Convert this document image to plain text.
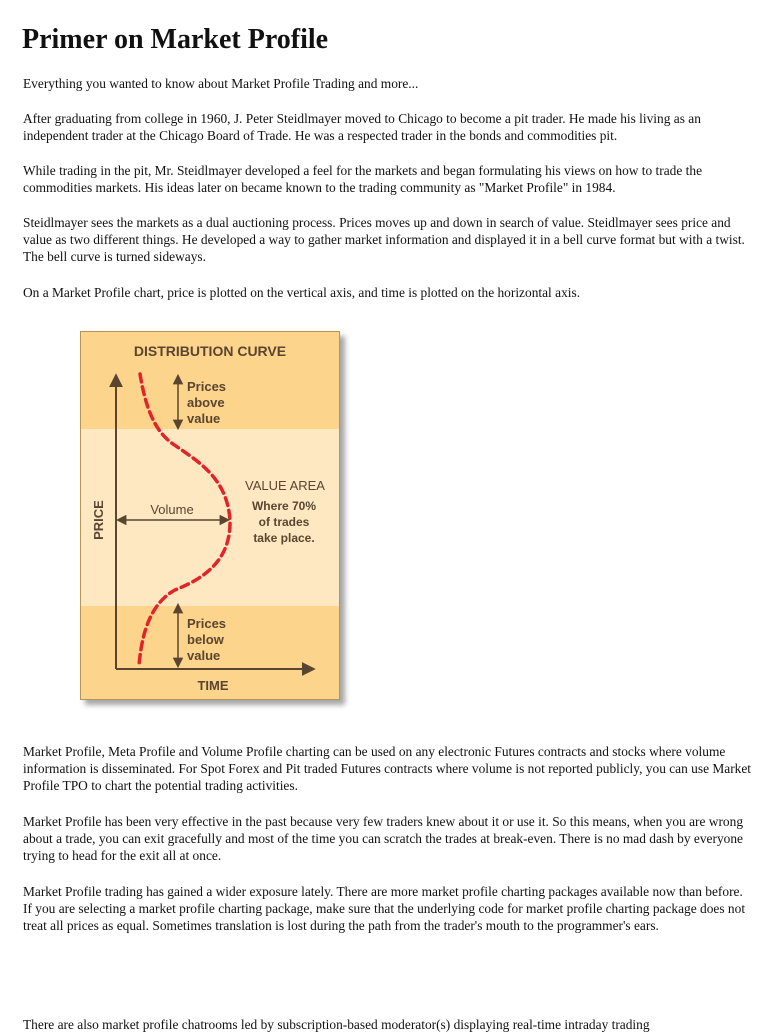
Primer on Market Profile

Everything you wanted to know about Market Profile Trading and more...

After graduating from college in 1960, J. Peter Steidlmayer moved to Chicago to become a pit trader. He made his living as an independent trader at the Chicago Board of Trade. He was a respected trader in the bonds and commodities pit.

While trading in the pit, Mr. Steidlmayer developed a feel for the markets and began formulating his views on how to trade the commodities markets. His ideas later on became known to the trading community as "Market Profile" in 1984.

Steidlmayer sees the markets as a dual auctioning process. Prices moves up and down in search of value. Steidlmayer sees price and value as two different things. He developed a way to gather market information and displayed it in a bell curve format but with a twist. The bell curve is turned sideways.

On a Market Profile chart, price is plotted on the vertical axis, and time is plotted on the horizontal axis.

DISTRIBUTION CURVE
PRICE
TIME
Volume
Prices
above
value
VALUE AREA
Where 70%
of trades
take place.
Prices
below
value

Market Profile, Meta Profile and Volume Profile charting can be used on any electronic Futures contracts and stocks where volume information is disseminated. For Spot Forex and Pit traded Futures contracts where volume is not reported publicly, you can use Market Profile TPO to chart the potential trading activities.

Market Profile has been very effective in the past because very few traders knew about it or use it. So this means, when you are wrong about a trade, you can exit gracefully and most of the time you can scratch the trades at break-even. There is no mad dash by everyone trying to head for the exit all at once.

Market Profile trading has gained a wider exposure lately. There are more market profile charting packages available now than before. If you are selecting a market profile charting package, make sure that the underlying code for market profile charting package does not treat all prices as equal. Sometimes translation is lost during the path from the trader's mouth to the programmer's ears.

There are also market profile chatrooms led by subscription-based moderator(s) displaying real-time intraday trading
